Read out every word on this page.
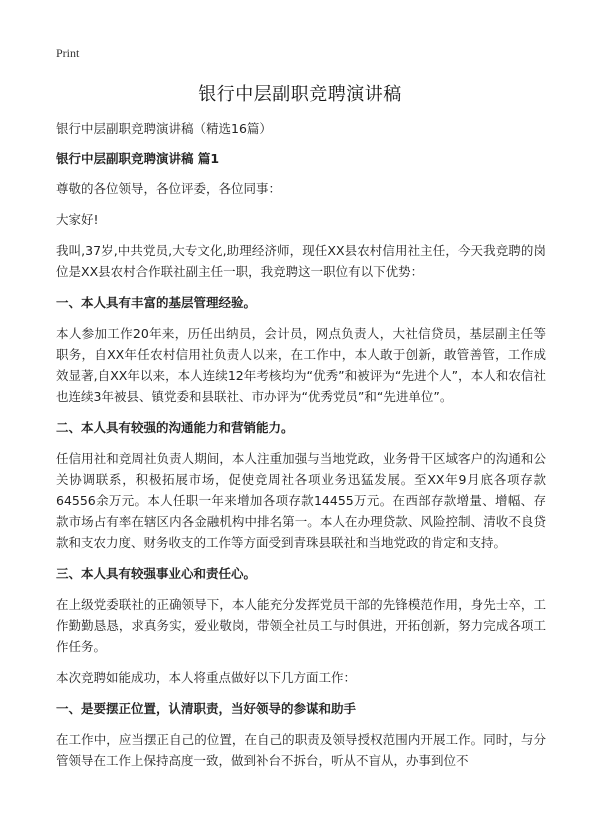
Print
银行中层副职竞聘演讲稿

银行中层副职竞聘演讲稿（精选16篇）

银行中层副职竞聘演讲稿 篇1

尊敬的各位领导，各位评委，各位同事：

大家好!

我叫,37岁,中共党员,大专文化,助理经济师，现任XX县农村信用社主任，今天我竞聘的岗位是XX县农村合作联社副主任一职，我竞聘这一职位有以下优势：

一、本人具有丰富的基层管理经验。

本人参加工作20年来，历任出纳员，会计员，网点负责人，大社信贷员，基层副主任等职务，自XX年任农村信用社负责人以来，在工作中，本人敢于创新，敢管善管，工作成效显著,自XX年以来，本人连续12年考核均为“优秀”和被评为“先进个人”，本人和农信社也连续3年被县、镇党委和县联社、市办评为“优秀党员”和“先进单位”。

二、本人具有较强的沟通能力和营销能力。

任信用社和竞周社负责人期间，本人注重加强与当地党政，业务骨干区域客户的沟通和公关协调联系，积极拓展市场，促使竞周社各项业务迅猛发展。至XX年9月底各项存款64556余万元。本人任职一年来增加各项存款14455万元。在西部存款增量、增幅、存款市场占有率在辖区内各金融机构中排名第一。本人在办理贷款、风险控制、清收不良贷款和支农力度、财务收支的工作等方面受到青珠县联社和当地党政的肯定和支持。

三、本人具有较强事业心和责任心。

在上级党委联社的正确领导下，本人能充分发挥党员干部的先锋模范作用，身先士卒，工作勤勤恳恳，求真务实，爱业敬岗，带领全社员工与时俱进，开拓创新，努力完成各项工作任务。

本次竞聘如能成功，本人将重点做好以下几方面工作：

一、是要摆正位置，认清职责，当好领导的参谋和助手

在工作中，应当摆正自己的位置，在自己的职责及领导授权范围内开展工作。同时，与分管领导在工作上保持高度一致，做到补台不拆台，听从不盲从，办事到位不
